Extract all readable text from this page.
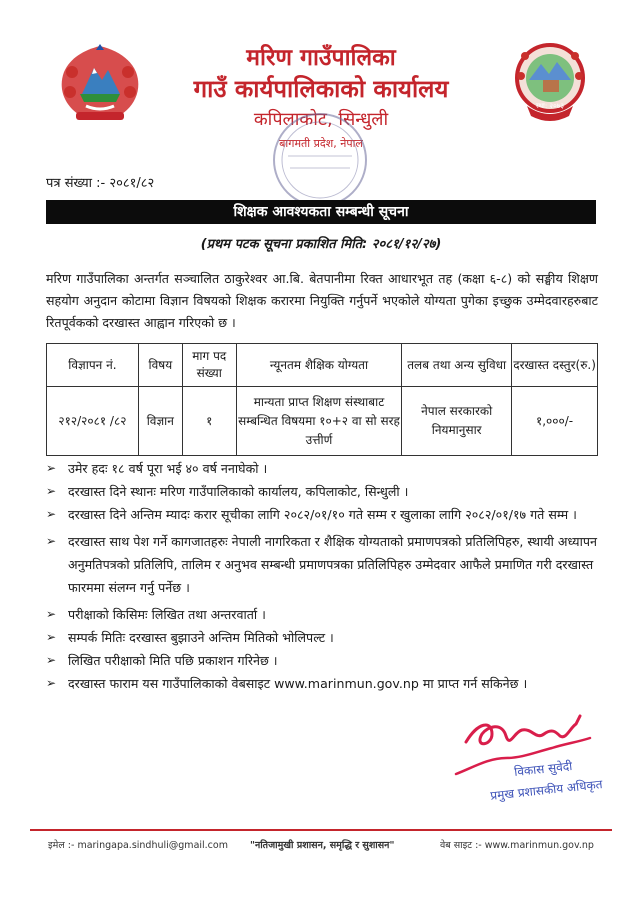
स्था: २०७३
मरिण गाउँपालिका
गाउँ कार्यपालिकाको कार्यालय
कपिलाकोट, सिन्धुली
बागमती प्रदेश, नेपाल
पत्र संख्या :- २०८१/८२
शिक्षक आवश्यकता सम्बन्धी सूचना
(प्रथम पटक सूचना प्रकाशित मिति: २०८१/१२/२७)
मरिण गाउँपालिका अन्तर्गत सञ्चालित ठाकुरेश्वर आ.बि. बेतपानीमा रिक्त आधारभूत तह (कक्षा ६-८) को सङ्घीय शिक्षण सहयोग अनुदान कोटामा विज्ञान विषयको शिक्षक करारमा नियुक्ति गर्नुपर्ने भएकोले योग्यता पुगेका इच्छुक उम्मेदवारहरुबाट रितपूर्वकको दरखास्त आह्वान गरिएको छ ।
विज्ञापन नं.	विषय	माग पद संख्या	न्यूनतम शैक्षिक योग्यता	तलब तथा अन्य सुविधा	दरखास्त दस्तुर(रु.)
२१२/२०८१ /८२	विज्ञान	१	मान्यता प्राप्त शिक्षण संस्थाबाट सम्बन्धित विषयमा १०+२ वा सो सरह उत्तीर्ण	नेपाल सरकारको नियमानुसार	१,०००/-
➢ उमेर हदः १८ वर्ष पूरा भई ४० वर्ष ननाघेको ।
➢ दरखास्त दिने स्थानः मरिण गाउँपालिकाको कार्यालय, कपिलाकोट, सिन्धुली ।
➢ दरखास्त दिने अन्तिम म्यादः करार सूचीका लागि २०८२/०१/१० गते सम्म र खुलाका लागि २०८२/०१/१७ गते सम्म ।
➢ दरखास्त साथ पेश गर्ने कागजातहरुः नेपाली नागरिकता र शैक्षिक योग्यताको प्रमाणपत्रको प्रतिलिपिहरु, स्थायी अध्यापन अनुमतिपत्रको प्रतिलिपि, तालिम र अनुभव सम्बन्धी प्रमाणपत्रका प्रतिलिपिहरु उम्मेदवार आफैले प्रमाणित गरी दरखास्त फारममा संलग्न गर्नु पर्नेछ ।
➢ परीक्षाको किसिमः लिखित तथा अन्तरवार्ता ।
➢ सम्पर्क मितिः दरखास्त बुझाउने अन्तिम मितिको भोलिपल्ट ।
➢ लिखित परीक्षाको मिति पछि प्रकाशन गरिनेछ ।
➢ दरखास्त फाराम यस गाउँपालिकाको वेबसाइट www.marinmun.gov.np मा प्राप्त गर्न सकिनेछ ।
विकास सुवेदी
प्रमुख प्रशासकीय अधिकृत
इमेल :- maringapa.sindhuli@gmail.com "नतिजामुखी प्रशासन, समृद्धि र सुशासन"	वेब साइट :- www.marinmun.gov.np
